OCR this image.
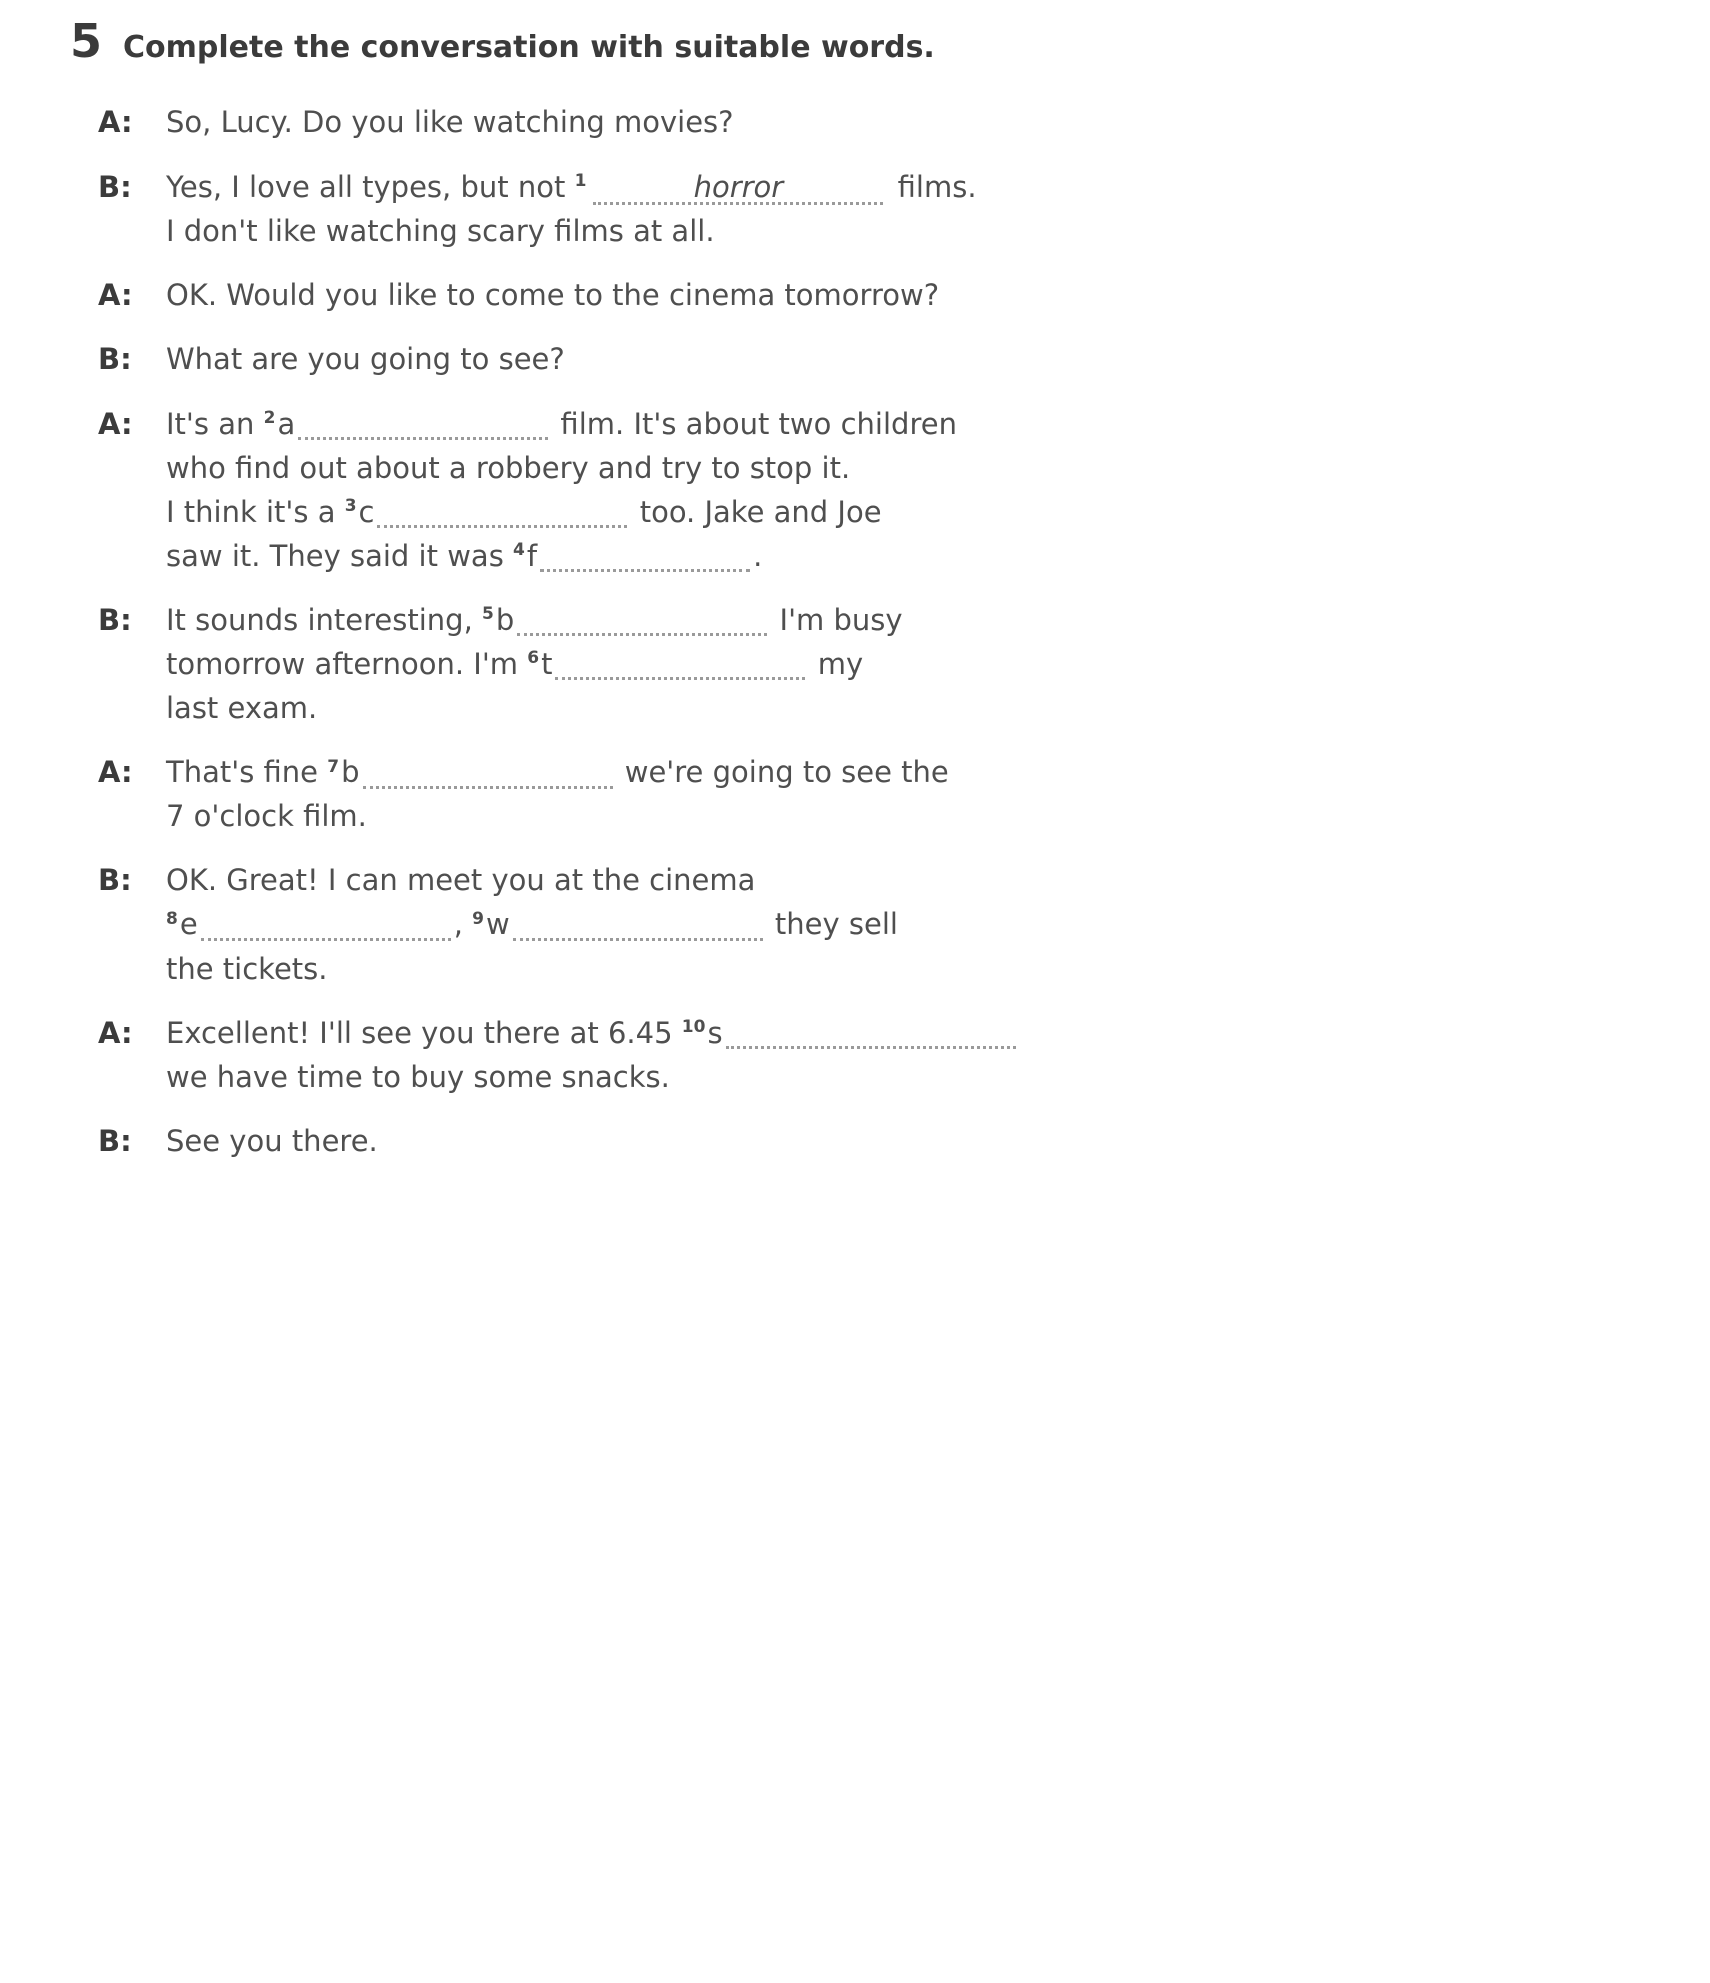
5 Complete the conversation with suitable words.
A:	So, Lucy. Do you like watching movies?
B:	Yes, I love all types, but not $^1$	horror	films.
I don't like watching scary films at all.
A:	OK. Would you like to come to the cinema tomorrow?
B:	What are you going to see?
A:	It's an $^2$a	film. It's about two children
who find out about a robbery and try to stop it.
I think it's a $^3$c	too. Jake and Joe
saw it. They said it was $^4$f	.
B:	It sounds interesting, $^5$b	I'm busy
tomorrow afternoon. I'm $^6$t	my
last exam.
A:	That's fine $^7$b	we're going to see the
7 o'clock film.
B:	OK. Great! I can meet you at the cinema
$^8$e	, $^9$w	they sell
the tickets.
A:	Excellent! I'll see you there at 6.45 $^{10}$s
we have time to buy some snacks.
B:	See you there.
